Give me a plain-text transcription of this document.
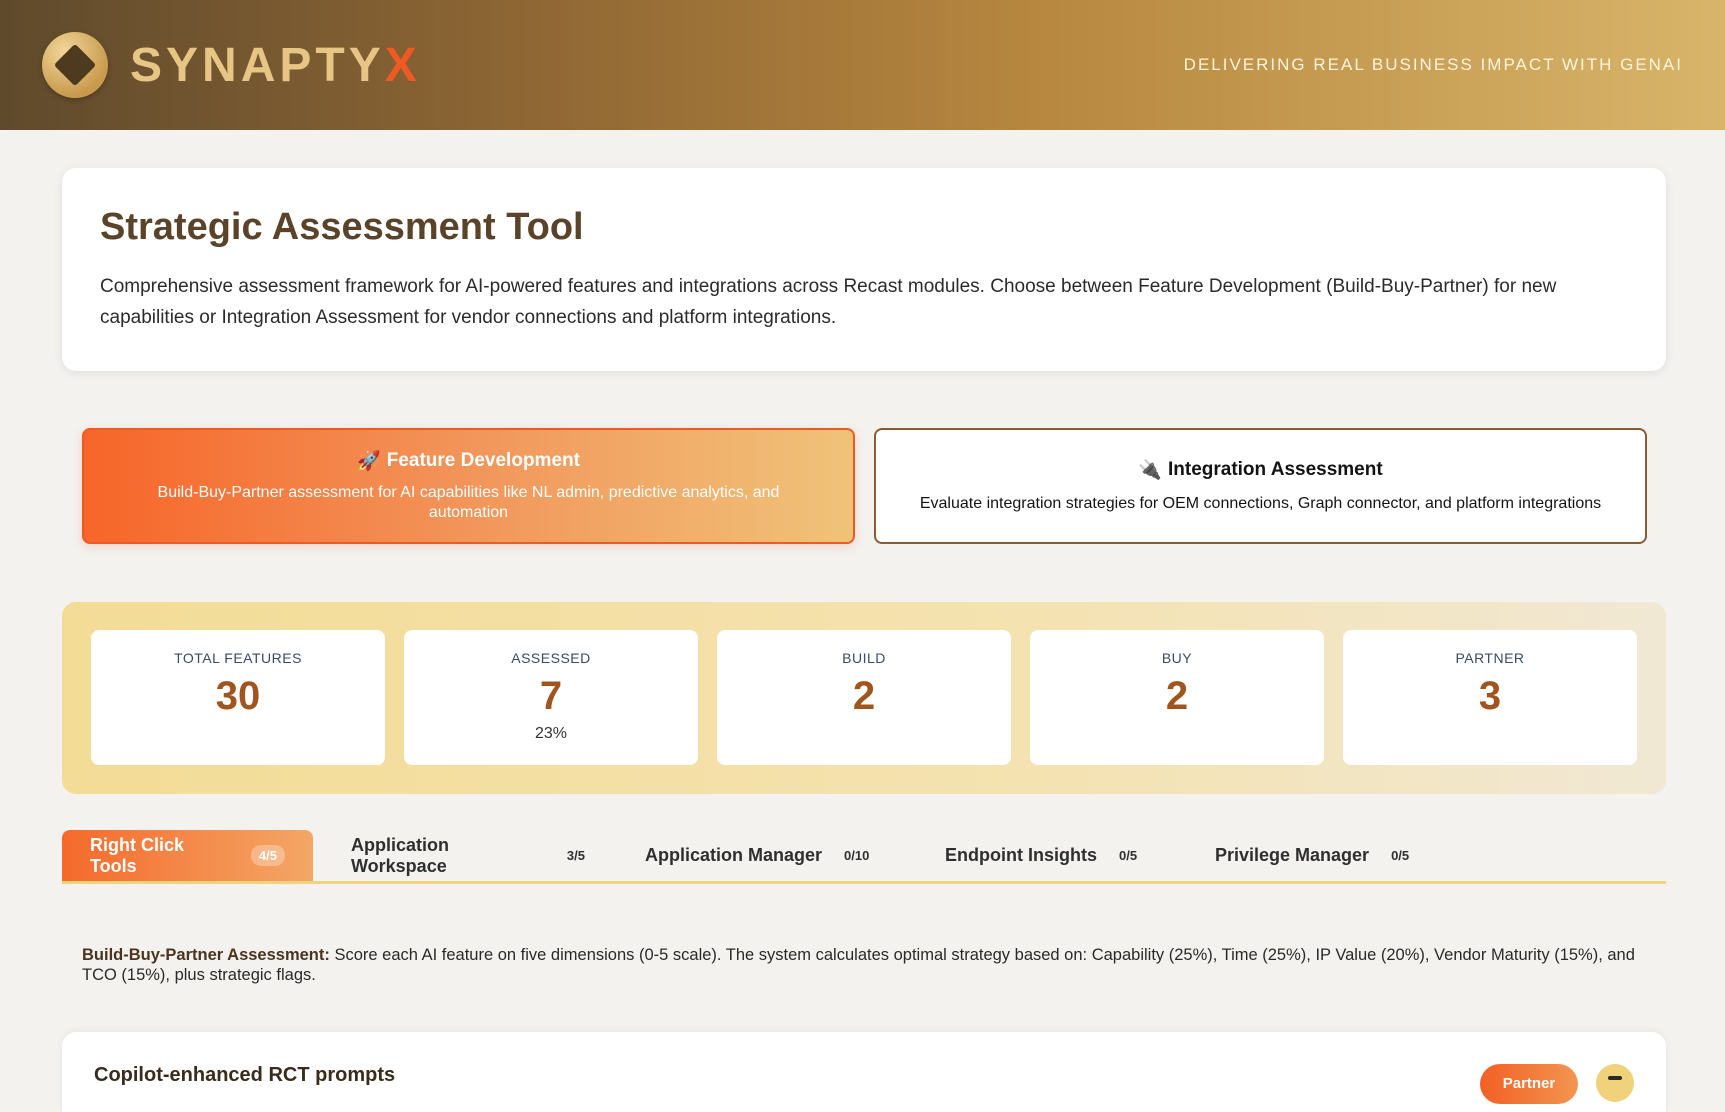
SYNAPTYX	DELIVERING REAL BUSINESS IMPACT WITH GENAI
Strategic Assessment Tool
Comprehensive assessment framework for AI-powered features and integrations across Recast modules. Choose between Feature Development (Build-Buy-Partner) for new capabilities or Integration Assessment for vendor connections and platform integrations.
🚀 Feature Development
Build-Buy-Partner assessment for AI capabilities like NL admin, predictive analytics, and automation
🔌 Integration Assessment
Evaluate integration strategies for OEM connections, Graph connector, and platform integrations
TOTAL FEATURES
30
ASSESSED
7
23%
BUILD
2
BUY
2
PARTNER
3
Right Click Tools	4/5
Application Workspace	3/5	Application Manager 0/10	Endpoint Insights 0/5	Privilege Manager 0/5
Build-Buy-Partner Assessment: Score each AI feature on five dimensions (0-5 scale). The system calculates optimal strategy based on: Capability (25%), Time (25%), IP Value (20%), Vendor Maturity (15%), and TCO (15%), plus strategic flags.
Copilot-enhanced RCT prompts	Partner
